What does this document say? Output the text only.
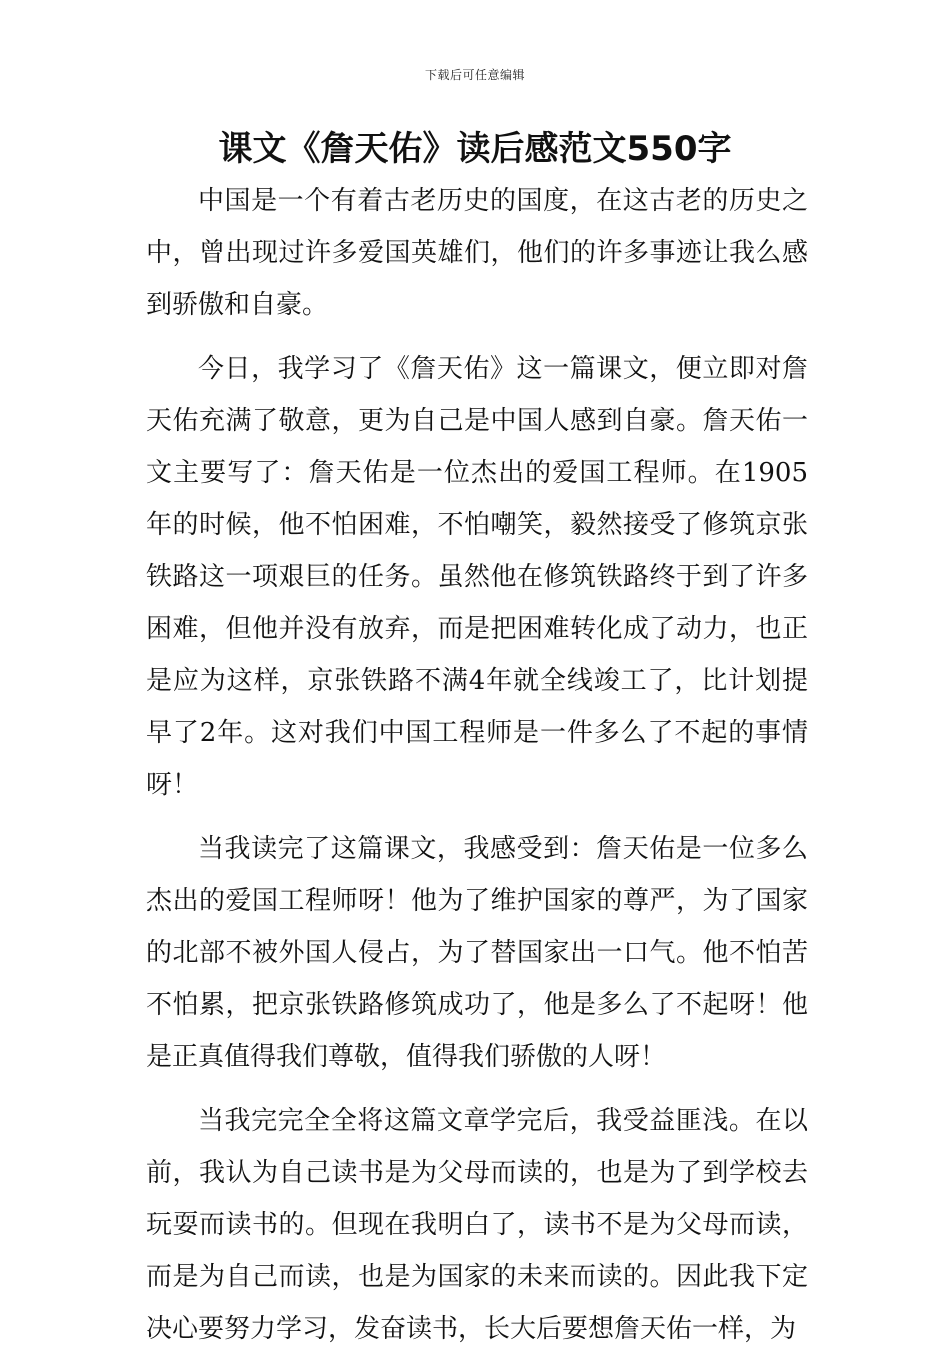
下载后可任意编辑
课文《詹天佑》读后感范文550字

中国是一个有着古老历史的国度，在这古老的历史之中，曾出现过许多爱国英雄们，他们的许多事迹让我么感到骄傲和自豪。

今日，我学习了《詹天佑》这一篇课文，便立即对詹天佑充满了敬意，更为自己是中国人感到自豪。詹天佑一文主要写了：詹天佑是一位杰出的爱国工程师。在1905年的时候，他不怕困难，不怕嘲笑，毅然接受了修筑京张铁路这一项艰巨的任务。虽然他在修筑铁路终于到了许多困难，但他并没有放弃，而是把困难转化成了动力，也正是应为这样，京张铁路不满4年就全线竣工了，比计划提早了2年。这对我们中国工程师是一件多么了不起的事情呀！

当我读完了这篇课文，我感受到：詹天佑是一位多么杰出的爱国工程师呀！他为了维护国家的尊严，为了国家的北部不被外国人侵占，为了替国家出一口气。他不怕苦不怕累，把京张铁路修筑成功了，他是多么了不起呀！他是正真值得我们尊敬，值得我们骄傲的人呀！

当我完完全全将这篇文章学完后，我受益匪浅。在以前，我认为自己读书是为父母而读的，也是为了到学校去玩耍而读书的。但现在我明白了，读书不是为父母而读，而是为自己而读，也是为国家的未来而读的。因此我下定决心要努力学习，发奋读书，长大后要想詹天佑一样，为
